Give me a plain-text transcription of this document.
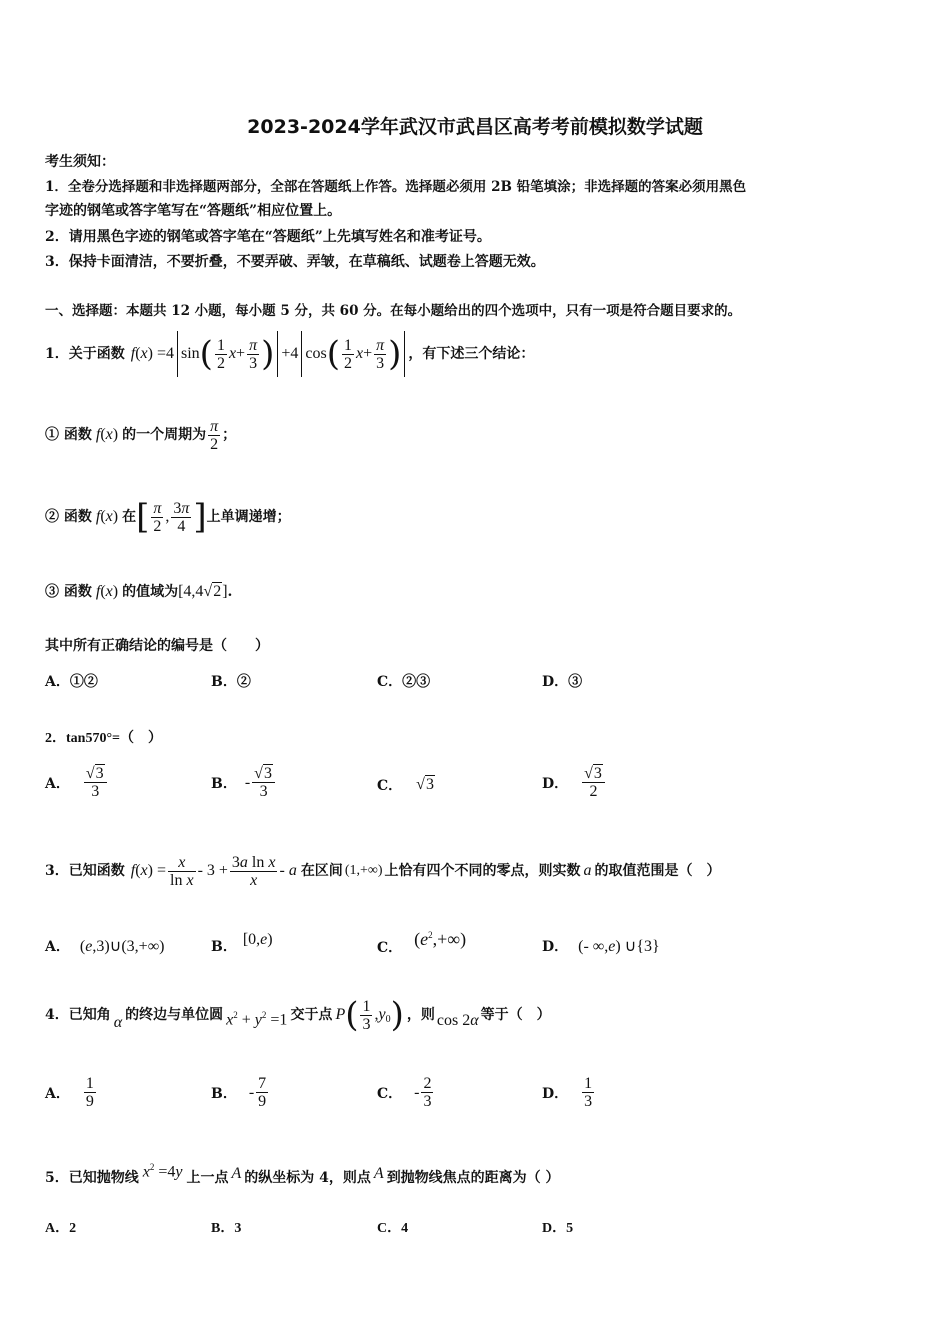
2023-2024学年武汉市武昌区高考考前模拟数学试题
考生须知：
1．全卷分选择题和非选择题两部分，全部在答题纸上作答。选择题必须用 2B 铅笔填涂；非选择题的答案必须用黑色
字迹的钢笔或答字笔写在“答题纸”相应位置上。
2．请用黑色字迹的钢笔或答字笔在“答题纸”上先填写姓名和准考证号。
3．保持卡面清洁，不要折叠，不要弄破、弄皱，在草稿纸、试题卷上答题无效。
一、选择题：本题共 12 小题，每小题 5 分，共 60 分。在每小题给出的四个选项中，只有一项是符合题目要求的。
1．关于函数 f ( x ) =4 sin ( $\frac{1}{2}$ $x + \frac{\pi}{3}$ ) +4 cos ( $\frac{1}{2}$ $x + \frac{\pi}{3}$ ) ，有下述三个结论：
① 函数 f(x) 的一个周期为 $\frac{\pi}{2}$ ；
② 函数 f(x) 在 [ $\frac{\pi}{2}$ , $\frac{3\pi}{4}$ ] 上单调递增；
③ 函数 f(x) 的值域为 [4,4√2] .
其中所有正确结论的编号是（　　）
A．①②	B．②	C．②③	D．③
2．tan570°=（　）
A． $\frac{√3}{3}$	B． - $\frac{√3}{3}$	C． √3	D． $\frac{√3}{2}$
3．已知函数 f ( x ) = $\frac{x}{\text{ln x}} - 3 + \frac{\text{3a ln x}}{x} - a$ 在区间 (1,+∞) 上恰有四个不同的零点，则实数 a 的取值范围是（　）
A． (e,3)∪(3,+∞)	B． [0,e)	C． $(e^2,+\infty)$	D． (- ∞,e) ∪{3}
4．已知角 α 的终边与单位圆 $x^2 + y^2 =1$ 交于点 P ( $\frac{1}{3}$ , y 0 ) ，则 cos 2α 等于（　）
A． $\frac{1}{9}$	B． - $\frac{7}{9}$	C． - $\frac{2}{3}$	D． $\frac{1}{3}$
5．已知抛物线 $x^2 =4y$ 上一点 A 的纵坐标为 4，则点 A 到抛物线焦点的距离为（ ）
A．2	B．3	C．4	D．5
